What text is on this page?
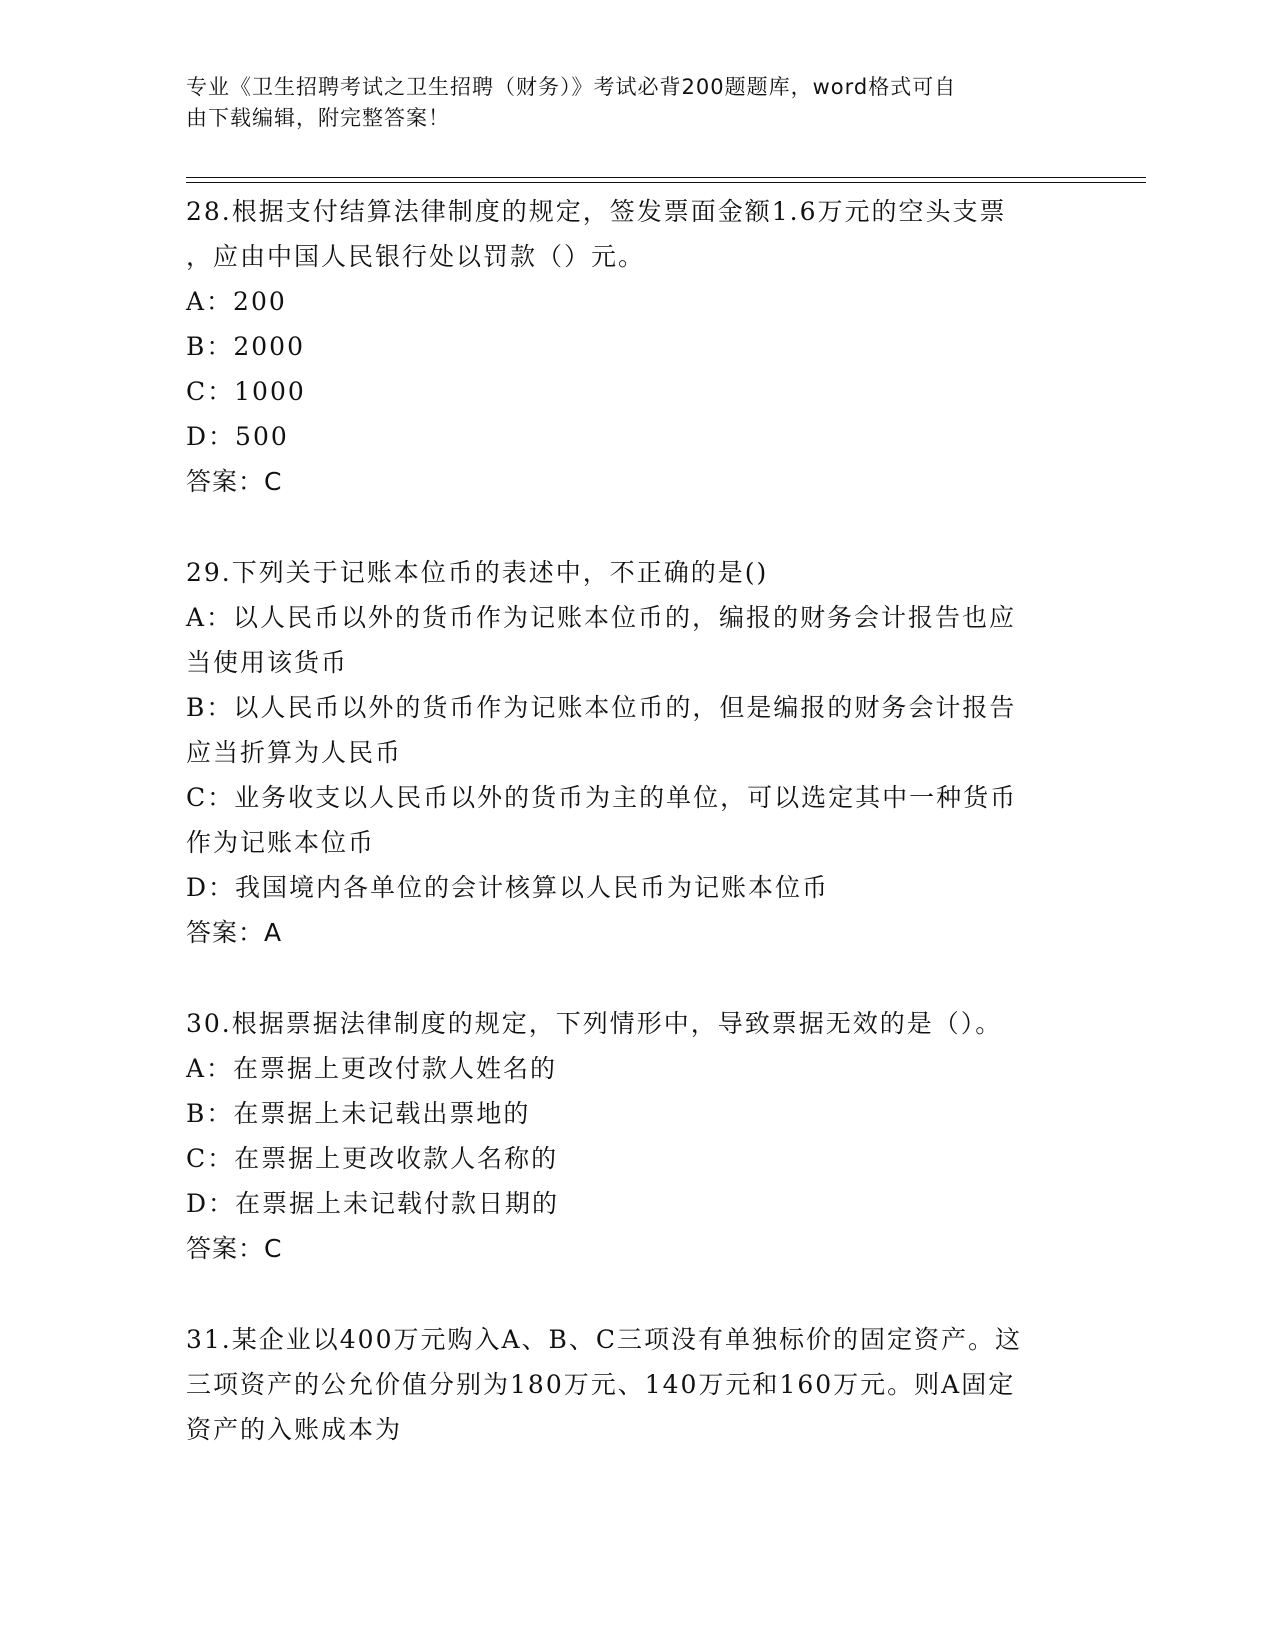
专业《卫生招聘考试之卫生招聘（财务）》考试必背200题题库，word格式可自
由下载编辑，附完整答案！
28.根据支付结算法律制度的规定，签发票面金额1.6万元的空头支票
，应由中国人民银行处以罚款（）元。
A：200
B：2000
C：1000
D：500
答案：C
29.下列关于记账本位币的表述中，不正确的是()
A：以人民币以外的货币作为记账本位币的，编报的财务会计报告也应
当使用该货币
B：以人民币以外的货币作为记账本位币的，但是编报的财务会计报告
应当折算为人民币
C：业务收支以人民币以外的货币为主的单位，可以选定其中一种货币
作为记账本位币
D：我国境内各单位的会计核算以人民币为记账本位币
答案：A
30.根据票据法律制度的规定，下列情形中，导致票据无效的是（）。
A：在票据上更改付款人姓名的
B：在票据上未记载出票地的
C：在票据上更改收款人名称的
D：在票据上未记载付款日期的
答案：C
31.某企业以400万元购入A、B、C三项没有单独标价的固定资产。这
三项资产的公允价值分别为180万元、140万元和160万元。则A固定
资产的入账成本为
